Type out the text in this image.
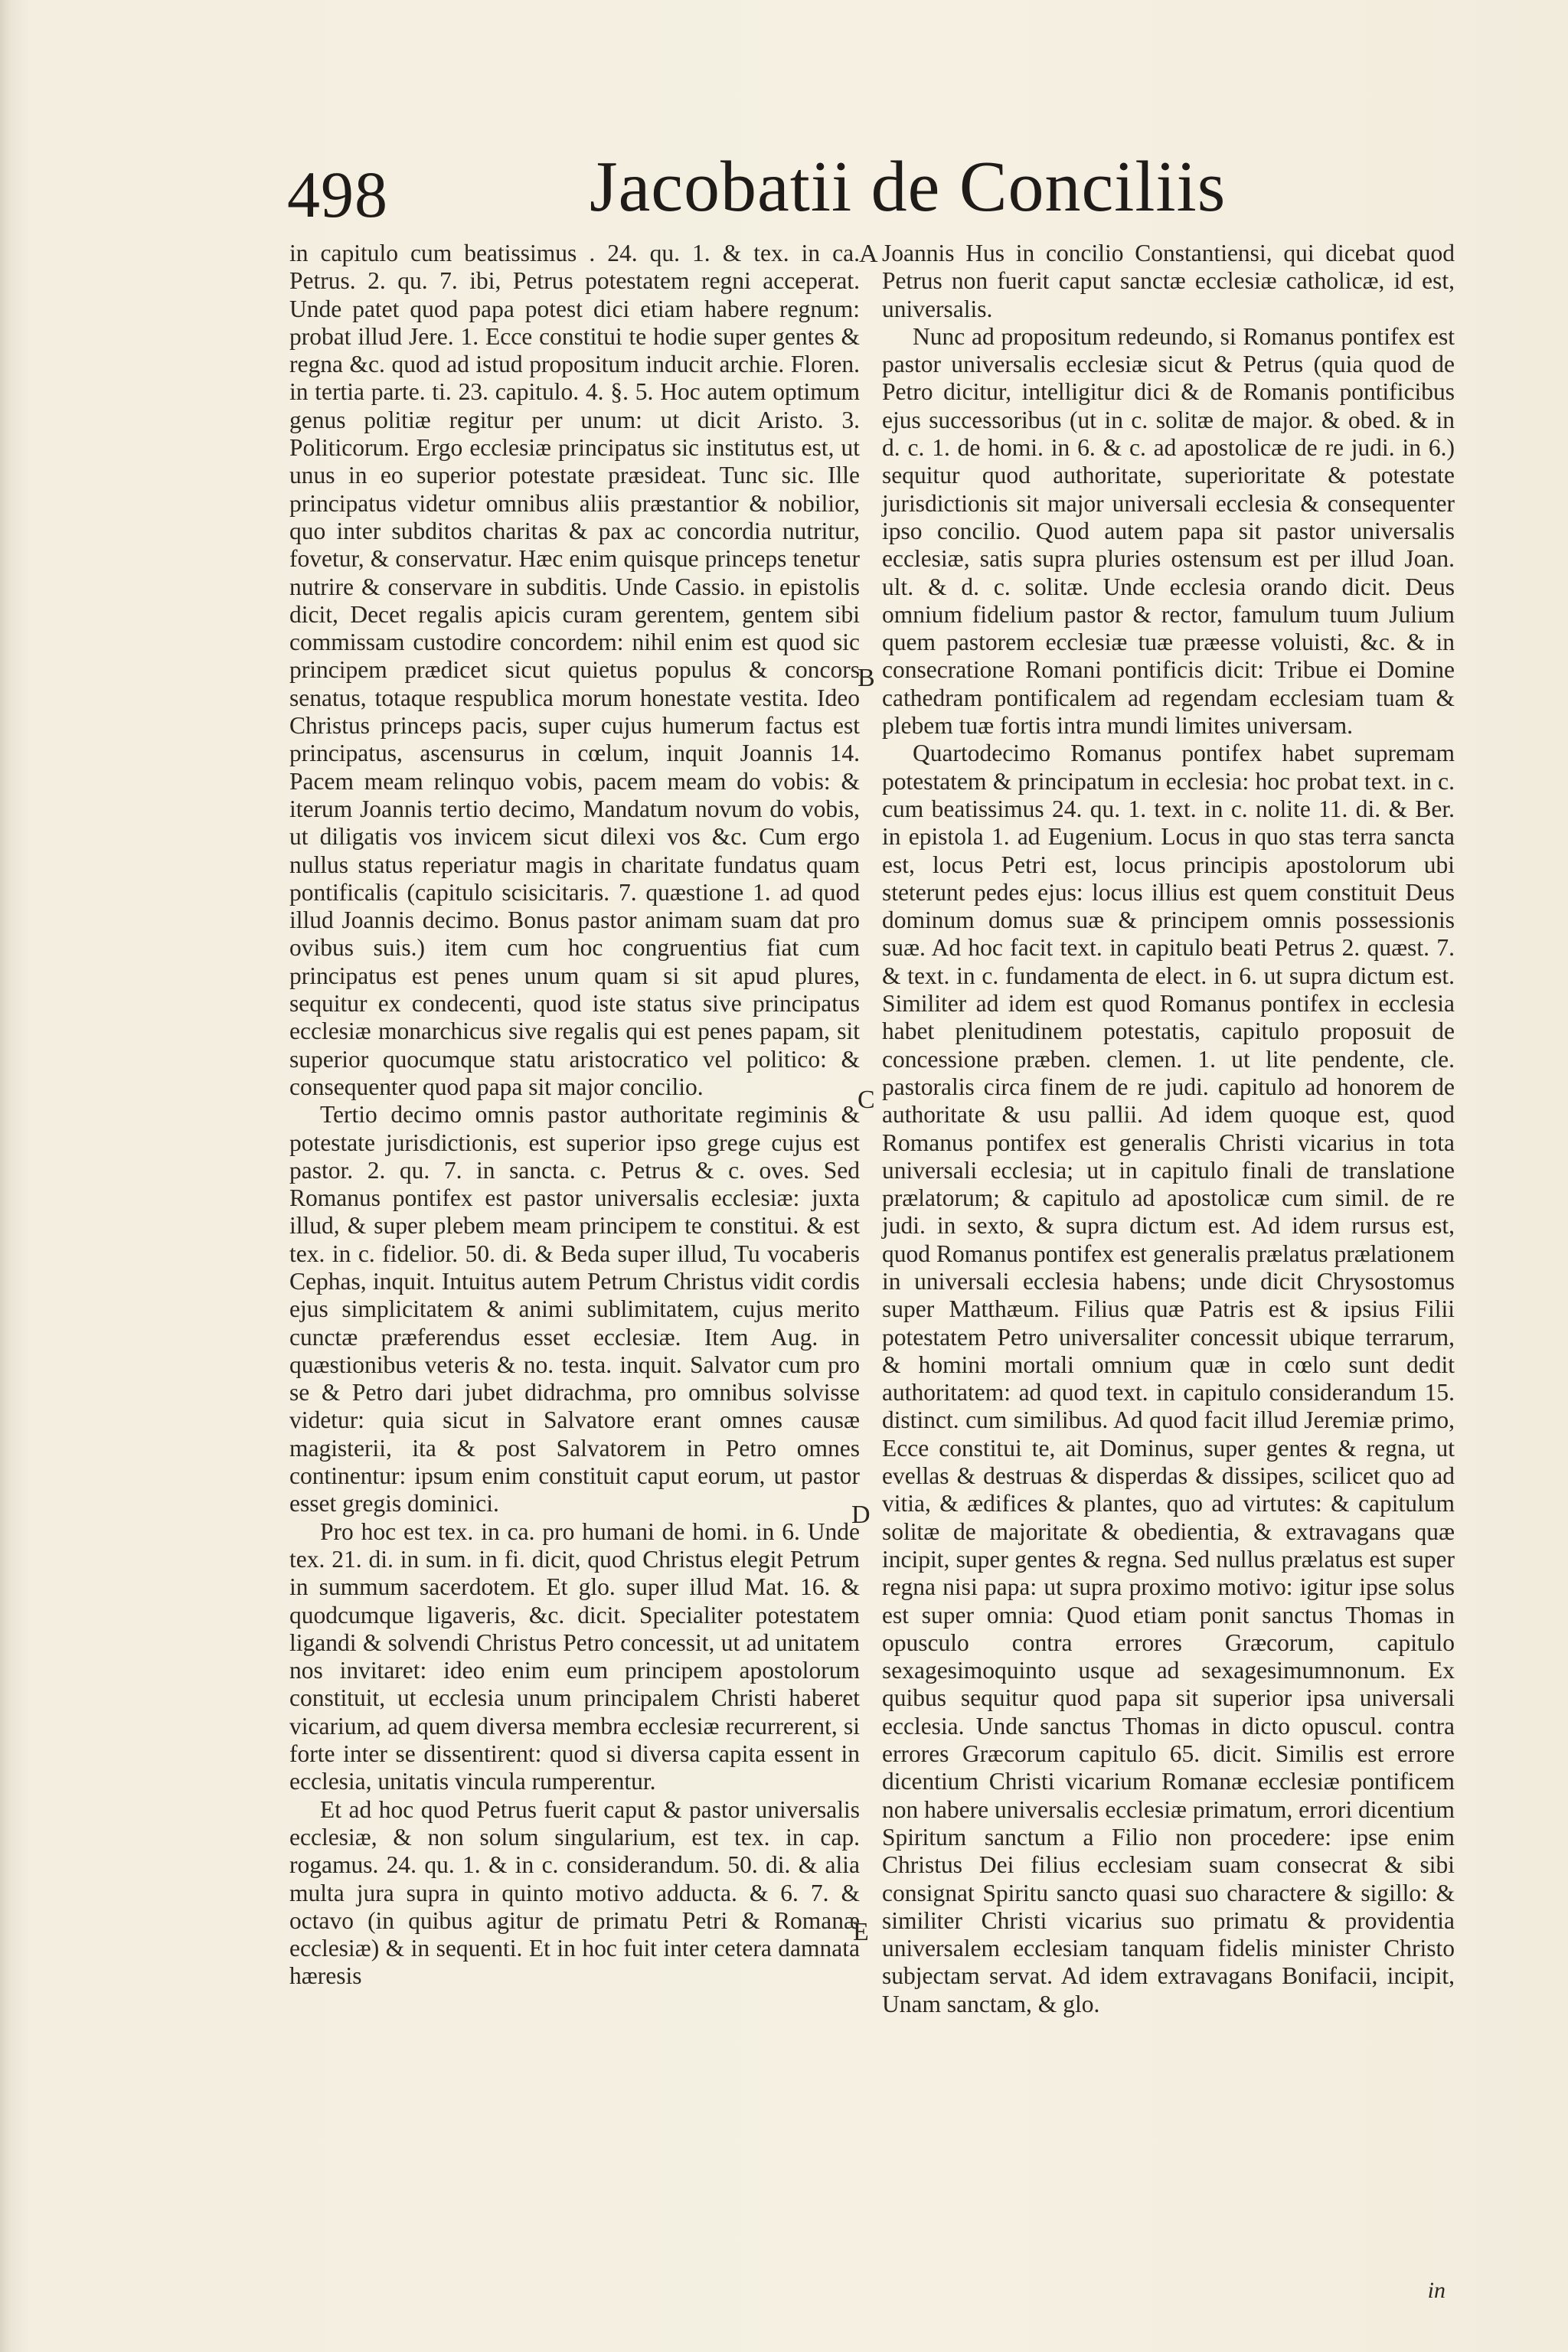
498	Jacobatii de Conciliis

in capitulo cum beatissimus . 24. qu. 1. & tex. in ca. Petrus. 2. qu. 7. ibi, Petrus potestatem regni acceperat. Unde patet quod papa potest dici etiam habere regnum: probat illud Jere. 1. Ecce constitui te hodie super gentes & regna &c. quod ad istud propositum inducit archie. Floren. in tertia parte. ti. 23. capitulo. 4. §. 5. Hoc autem optimum genus politiæ regitur per unum: ut dicit Aristo. 3. Politicorum. Ergo ecclesiæ principatus sic institutus est, ut unus in eo superior potestate præsideat. Tunc sic. Ille principatus videtur omnibus aliis præstantior & nobilior, quo inter subditos charitas & pax ac concordia nutritur, fovetur, & conservatur. Hæc enim quisque princeps tenetur nutrire & conservare in subditis. Unde Cassio. in epistolis dicit, Decet regalis apicis curam gerentem, gentem sibi commissam custodire concordem: nihil enim est quod sic principem prædicet sicut quietus populus & concors senatus, totaque respublica morum honestate vestita. Ideo Christus princeps pacis, super cujus humerum factus est principatus, ascensurus in cœlum, inquit Joannis 14. Pacem meam relinquo vobis, pacem meam do vobis: & iterum Joannis tertio decimo, Mandatum novum do vobis, ut diligatis vos invicem sicut dilexi vos &c. Cum ergo nullus status reperiatur magis in charitate fundatus quam pontificalis (capitulo scisicitaris. 7. quæstione 1. ad quod illud Joannis decimo. Bonus pastor animam suam dat pro ovibus suis.) item cum hoc congruentius fiat cum principatus est penes unum quam si sit apud plures, sequitur ex condecenti, quod iste status sive principatus ecclesiæ monarchicus sive regalis qui est penes papam, sit superior quocumque statu aristocratico vel politico: & consequenter quod papa sit major concilio.

Tertio decimo omnis pastor authoritate regiminis & potestate jurisdictionis, est superior ipso grege cujus est pastor. 2. qu. 7. in sancta. c. Petrus & c. oves. Sed Romanus pontifex est pastor universalis ecclesiæ: juxta illud, & super plebem meam principem te constitui. & est tex. in c. fidelior. 50. di. & Beda super illud, Tu vocaberis Cephas, inquit. Intuitus autem Petrum Christus vidit cordis ejus simplicitatem & animi sublimitatem, cujus merito cunctæ præferendus esset ecclesiæ. Item Aug. in quæstionibus veteris & no. testa. inquit. Salvator cum pro se & Petro dari jubet didrachma, pro omnibus solvisse videtur: quia sicut in Salvatore erant omnes causæ magisterii, ita & post Salvatorem in Petro omnes continentur: ipsum enim constituit caput eorum, ut pastor esset gregis dominici.

Pro hoc est tex. in ca. pro humani de homi. in 6. Unde tex. 21. di. in sum. in fi. dicit, quod Christus elegit Petrum in summum sacerdotem. Et glo. super illud Mat. 16. & quodcumque ligaveris, &c. dicit. Specialiter potestatem ligandi & solvendi Christus Petro concessit, ut ad unitatem nos invitaret: ideo enim eum principem apostolorum constituit, ut ecclesia unum principalem Christi haberet vicarium, ad quem diversa membra ecclesiæ recurrerent, si forte inter se dissentirent: quod si diversa capita essent in ecclesia, unitatis vincula rumperentur.

Et ad hoc quod Petrus fuerit caput & pastor universalis ecclesiæ, & non solum singularium, est tex. in cap. rogamus. 24. qu. 1. & in c. considerandum. 50. di. & alia multa jura supra in quinto motivo adducta. & 6. 7. & octavo (in quibus agitur de primatu Petri & Romanæ ecclesiæ) & in sequenti. Et in hoc fuit inter cetera damnata hæresis

Joannis Hus in concilio Constantiensi, qui dicebat quod Petrus non fuerit caput sanctæ ecclesiæ catholicæ, id est, universalis.

Nunc ad propositum redeundo, si Romanus pontifex est pastor universalis ecclesiæ sicut & Petrus (quia quod de Petro dicitur, intelligitur dici & de Romanis pontificibus ejus successoribus (ut in c. solitæ de major. & obed. & in d. c. 1. de homi. in 6. & c. ad apostolicæ de re judi. in 6.) sequitur quod authoritate, superioritate & potestate jurisdictionis sit major universali ecclesia & consequenter ipso concilio. Quod autem papa sit pastor universalis ecclesiæ, satis supra pluries ostensum est per illud Joan. ult. & d. c. solitæ. Unde ecclesia orando dicit. Deus omnium fidelium pastor & rector, famulum tuum Julium quem pastorem ecclesiæ tuæ præesse voluisti, &c. & in consecratione Romani pontificis dicit: Tribue ei Domine cathedram pontificalem ad regendam ecclesiam tuam & plebem tuæ fortis intra mundi limites universam.

Quartodecimo Romanus pontifex habet supremam potestatem & principatum in ecclesia: hoc probat text. in c. cum beatissimus 24. qu. 1. text. in c. nolite 11. di. & Ber. in epistola 1. ad Eugenium. Locus in quo stas terra sancta est, locus Petri est, locus principis apostolorum ubi steterunt pedes ejus: locus illius est quem constituit Deus dominum domus suæ & principem omnis possessionis suæ. Ad hoc facit text. in capitulo beati Petrus 2. quæst. 7. & text. in c. fundamenta de elect. in 6. ut supra dictum est. Similiter ad idem est quod Romanus pontifex in ecclesia habet plenitudinem potestatis, capitulo proposuit de concessione præben. clemen. 1. ut lite pendente, cle. pastoralis circa finem de re judi. capitulo ad honorem de authoritate & usu pallii. Ad idem quoque est, quod Romanus pontifex est generalis Christi vicarius in tota universali ecclesia; ut in capitulo finali de translatione prælatorum; & capitulo ad apostolicæ cum simil. de re judi. in sexto, & supra dictum est. Ad idem rursus est, quod Romanus pontifex est generalis prælatus prælationem in universali ecclesia habens; unde dicit Chrysostomus super Matthæum. Filius quæ Patris est & ipsius Filii potestatem Petro universaliter concessit ubique terrarum, & homini mortali omnium quæ in cœlo sunt dedit authoritatem: ad quod text. in capitulo considerandum 15. distinct. cum similibus. Ad quod facit illud Jeremiæ primo, Ecce constitui te, ait Dominus, super gentes & regna, ut evellas & destruas & disperdas & dissipes, scilicet quo ad vitia, & ædifices & plantes, quo ad virtutes: & capitulum solitæ de majoritate & obedientia, & extravagans quæ incipit, super gentes & regna. Sed nullus prælatus est super regna nisi papa: ut supra proximo motivo: igitur ipse solus est super omnia: Quod etiam ponit sanctus Thomas in opusculo contra errores Græcorum, capitulo sexagesimoquinto usque ad sexagesimumnonum. Ex quibus sequitur quod papa sit superior ipsa universali ecclesia. Unde sanctus Thomas in dicto opuscul. contra errores Græcorum capitulo 65. dicit. Similis est errore dicentium Christi vicarium Romanæ ecclesiæ pontificem non habere universalis ecclesiæ primatum, errori dicentium Spiritum sanctum a Filio non procedere: ipse enim Christus Dei filius ecclesiam suam consecrat & sibi consignat Spiritu sancto quasi suo charactere & sigillo: & similiter Christi vicarius suo primatu & providentia universalem ecclesiam tanquam fidelis minister Christo subjectam servat. Ad idem extravagans Bonifacii, incipit, Unam sanctam, & glo.

A
B
C
D
E
in
